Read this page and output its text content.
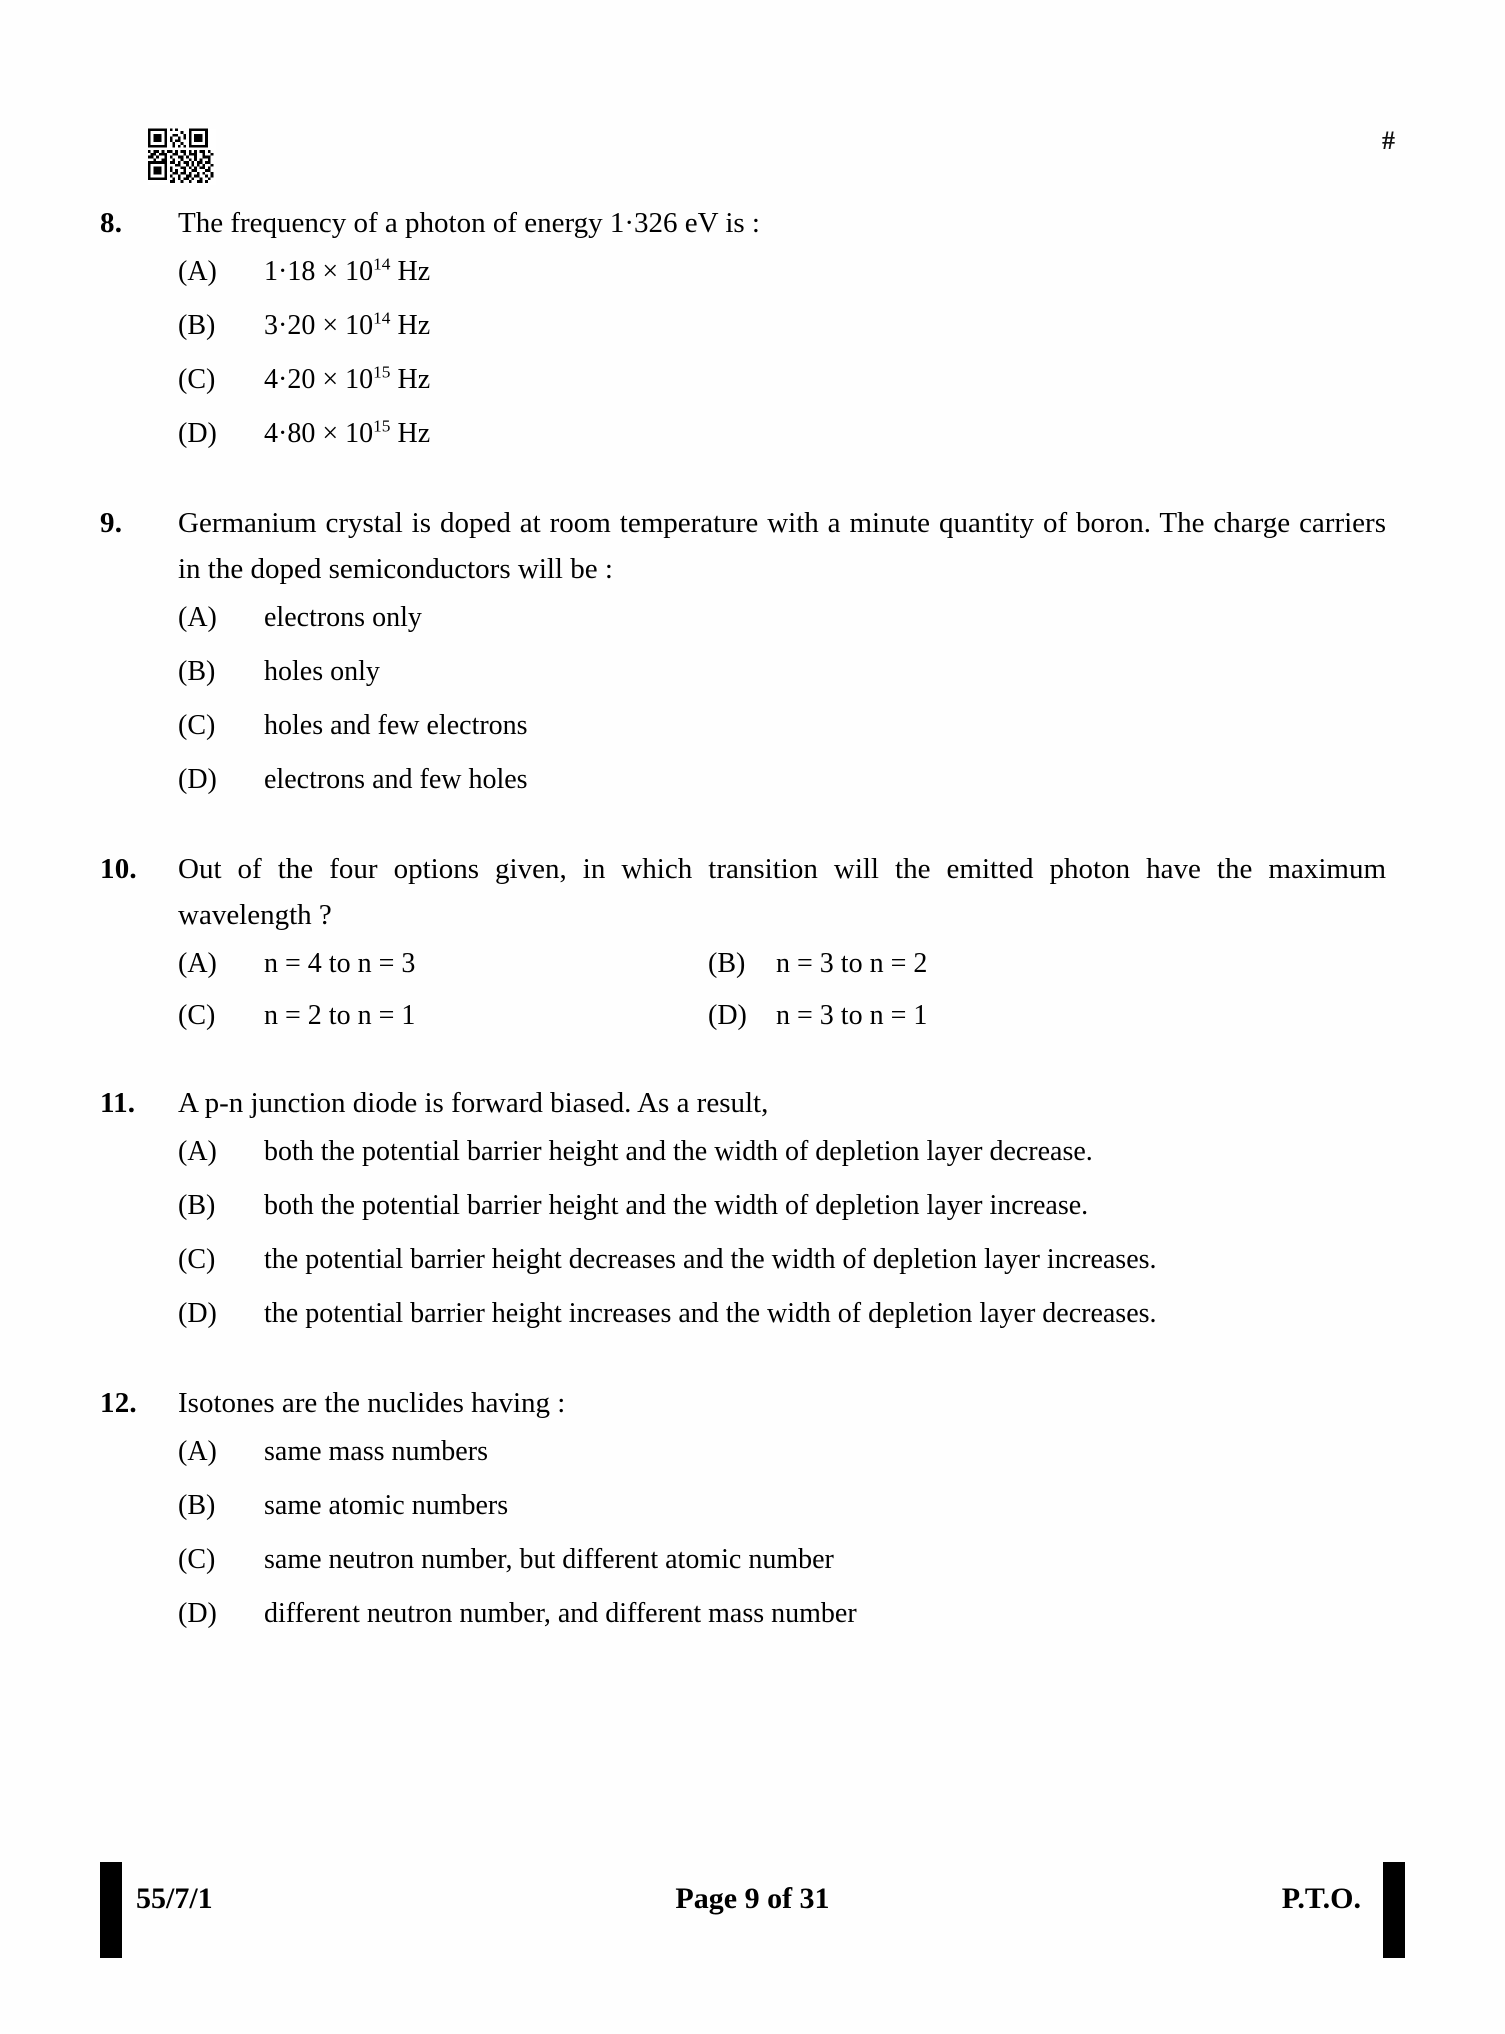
#
8.	The frequency of a photon of energy 1·326 eV is :
(A)	$1\cdot 18 \times 10^{14}$ Hz
(B)	$3\cdot 20 \times 10^{14}$ Hz
(C)	$4\cdot 20 \times 10^{15}$ Hz
(D)	$4\cdot 80 \times 10^{15}$ Hz
9.	Germanium crystal is doped at room temperature with a minute quantity of boron. The charge carriers in the doped semiconductors will be :
(A)	electrons only
(B)	holes only
(C)	holes and few electrons
(D)	electrons and few holes
10.	Out of the four options given, in which transition will the emitted photon have the maximum wavelength ?
(A)	n = 4 to n = 3	(B)	n = 3 to n = 2
(C)	n = 2 to n = 1	(D)	n = 3 to n = 1
11.	A p-n junction diode is forward biased. As a result,
(A)	both the potential barrier height and the width of depletion layer decrease.
(B)	both the potential barrier height and the width of depletion layer increase.
(C)	the potential barrier height decreases and the width of depletion layer increases.
(D)	the potential barrier height increases and the width of depletion layer decreases.
12.	Isotones are the nuclides having :
(A)	same mass numbers
(B)	same atomic numbers
(C)	same neutron number, but different atomic number
(D)	different neutron number, and different mass number
55/7/1	Page 9 of 31	P.T.O.
